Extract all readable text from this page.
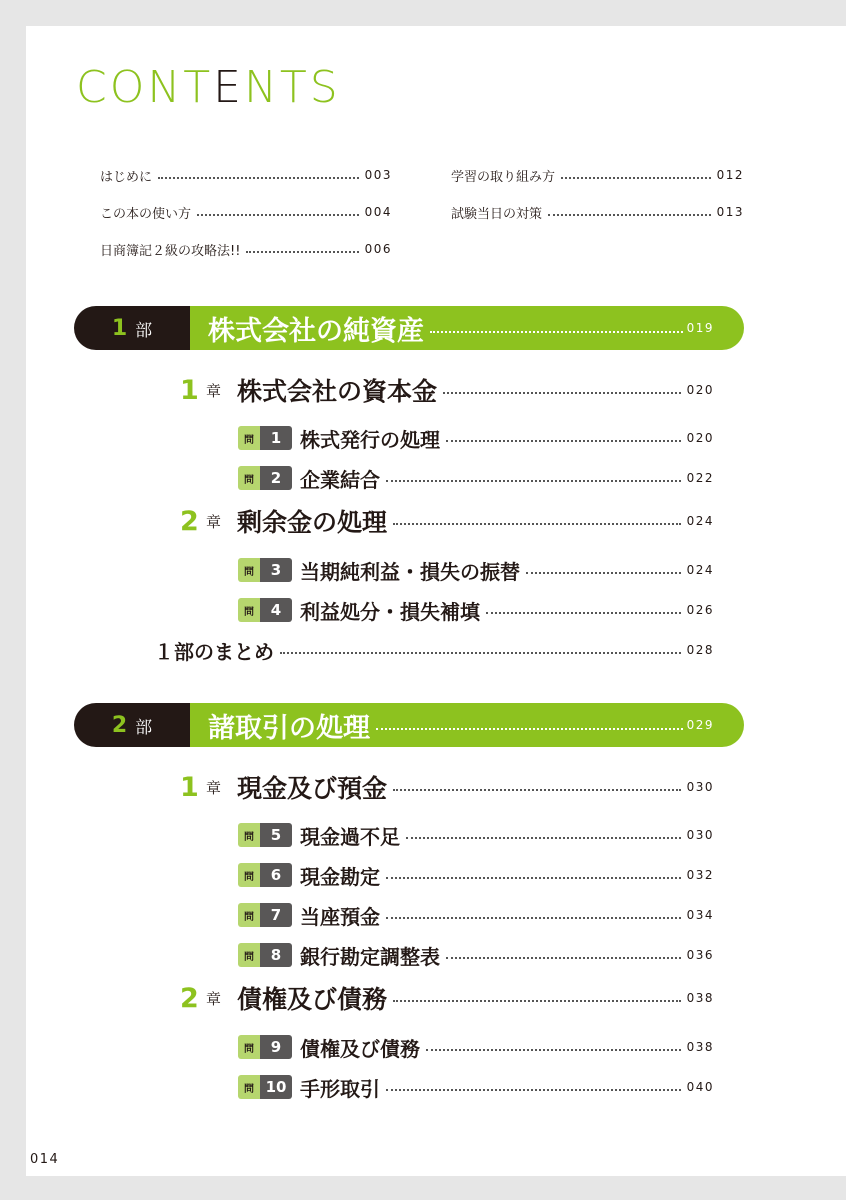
CONTENTS
はじめに	003
この本の使い方	004
日商簿記２級の攻略法!!	006
学習の取り組み方	012
試験当日の対策	013
1 部 株式会社の純資産	019
1 章 株式会社の資本金	020
問	1 株式発行の処理	020
問	2 企業結合	022
2 章 剰余金の処理	024
問	3 当期純利益・損失の振替	024
問	4 利益処分・損失補填	026
１部のまとめ	028
2 部 諸取引の処理	029
1 章 現金及び預金	030
問	5 現金過不足	030
問	6 現金勘定	032
問	7 当座預金	034
問	8 銀行勘定調整表	036
2 章 債権及び債務	038
問	9 債権及び債務	038
問 10 手形取引	040
014
